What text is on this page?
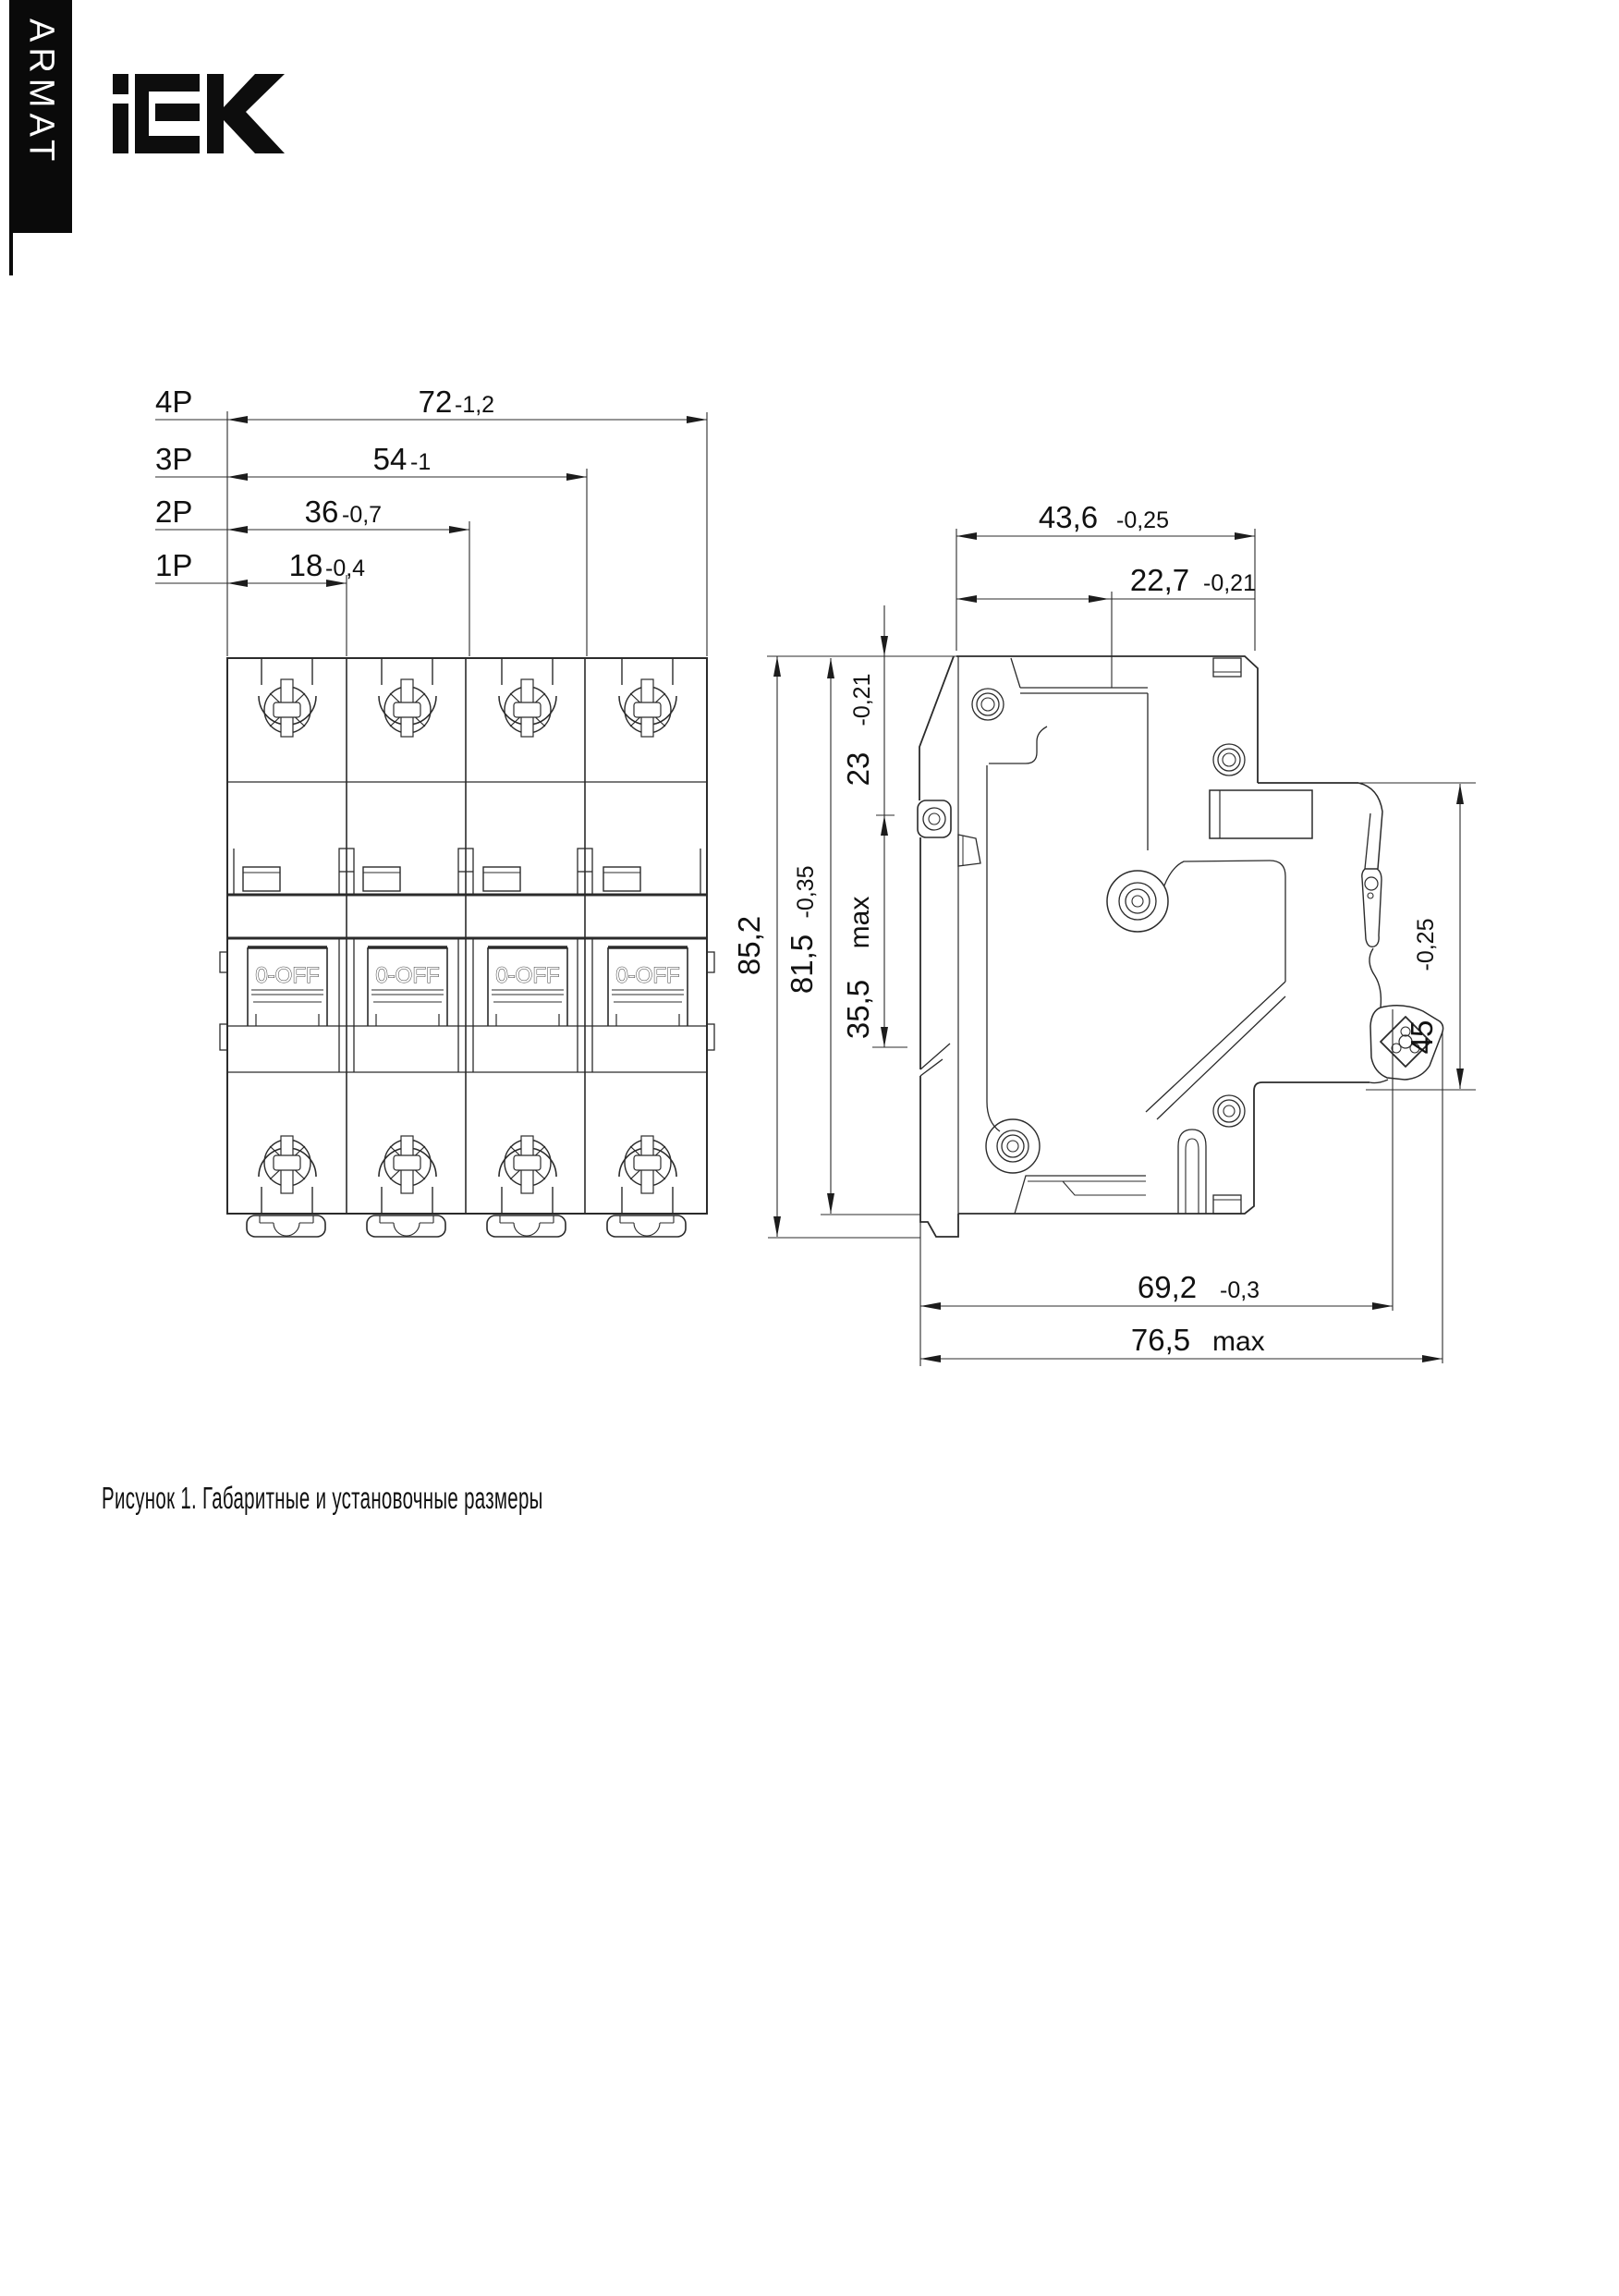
ARMAT
0-OFF
4P
3P
2P
1P
72 -1,2
54 -1
36 -0,7
18 -0,4
43,6 -0,25
22,7 -0,21
23
-0,21
35,5
max
81,5
-0,35
85,2
45
-0,25
69,2 -0,3
76,5 max
Рисунок 1. Габаритные и установочные размеры
